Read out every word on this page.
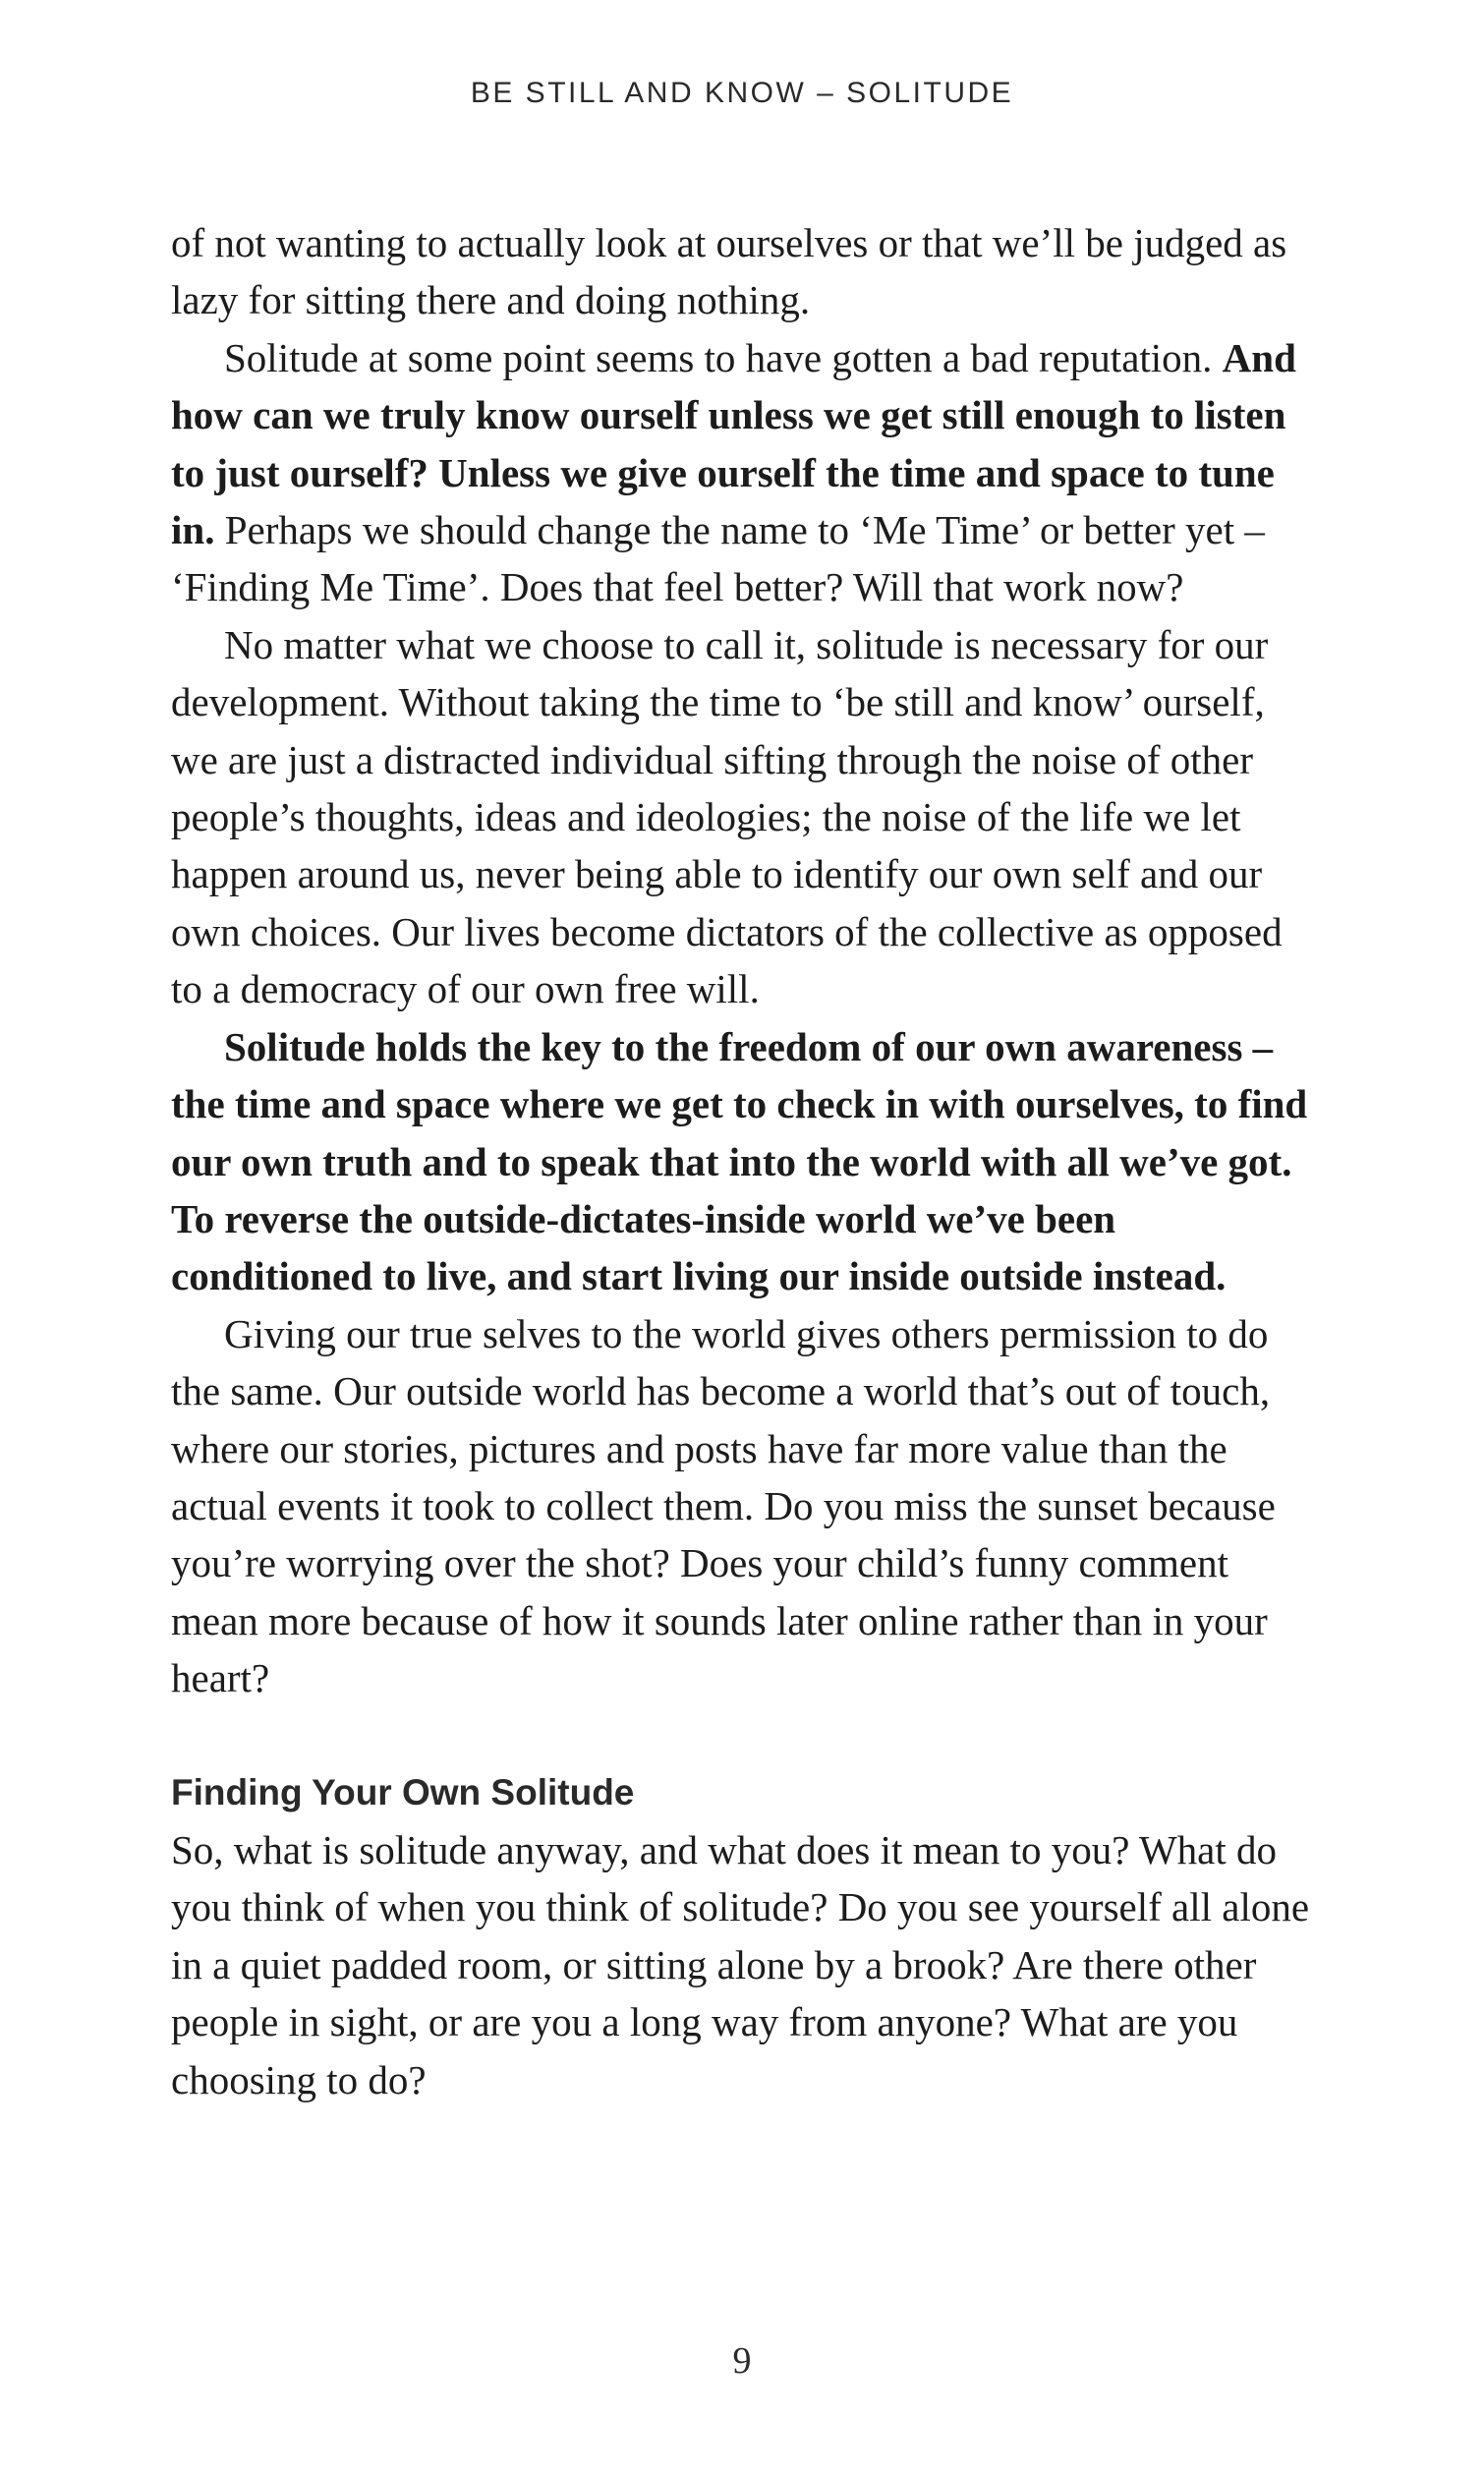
BE STILL AND KNOW – SOLITUDE

of not wanting to actually look at ourselves or that we’ll be judged as lazy for sitting there and doing nothing.

Solitude at some point seems to have gotten a bad reputation. And how can we truly know ourself unless we get still enough to listen to just ourself? Unless we give ourself the time and space to tune in. Perhaps we should change the name to ‘Me Time’ or better yet – ‘Finding Me Time’. Does that feel better? Will that work now?

No matter what we choose to call it, solitude is necessary for our development. Without taking the time to ‘be still and know’ ourself, we are just a distracted individual sifting through the noise of other people’s thoughts, ideas and ideologies; the noise of the life we let happen around us, never being able to identify our own self and our own choices. Our lives become dictators of the collective as opposed to a democracy of our own free will.

Solitude holds the key to the freedom of our own awareness – the time and space where we get to check in with ourselves, to find our own truth and to speak that into the world with all we’ve got. To reverse the outside-dictates-inside world we’ve been conditioned to live, and start living our inside outside instead.

Giving our true selves to the world gives others permission to do the same. Our outside world has become a world that’s out of touch, where our stories, pictures and posts have far more value than the actual events it took to collect them. Do you miss the sunset because you’re worrying over the shot? Does your child’s funny comment mean more because of how it sounds later online rather than in your heart?

Finding Your Own Solitude

So, what is solitude anyway, and what does it mean to you? What do you think of when you think of solitude? Do you see yourself all alone in a quiet padded room, or sitting alone by a brook? Are there other people in sight, or are you a long way from anyone? What are you choosing to do?

9
